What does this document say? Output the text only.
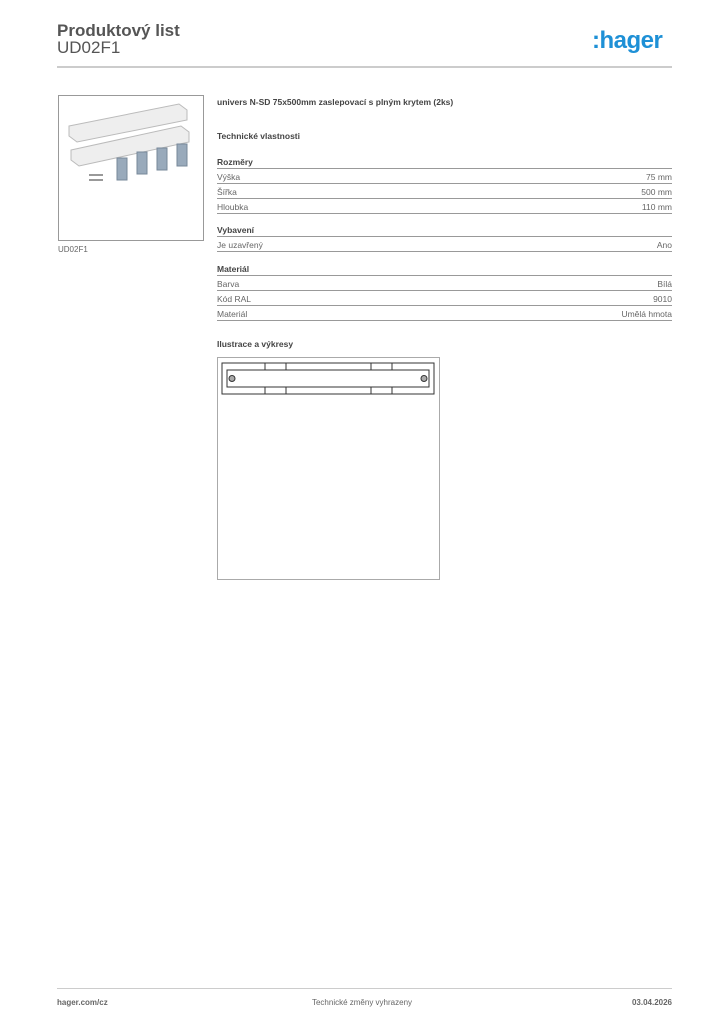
Produktový list
UD02F1	:hager
UD02F1
univers N-SD 75x500mm zaslepovací s plným krytem (2ks)
Technické vlastnosti
Rozměry
Výška	75 mm
Šířka	500 mm
Hloubka	110 mm
Vybavení
Je uzavřený	Ano
Materiál
Barva	Bílá
Kód RAL	9010
Materiál	Umělá hmota
Ilustrace a výkresy
hager.com/cz	Technické změny vyhrazeny	03.04.2026
